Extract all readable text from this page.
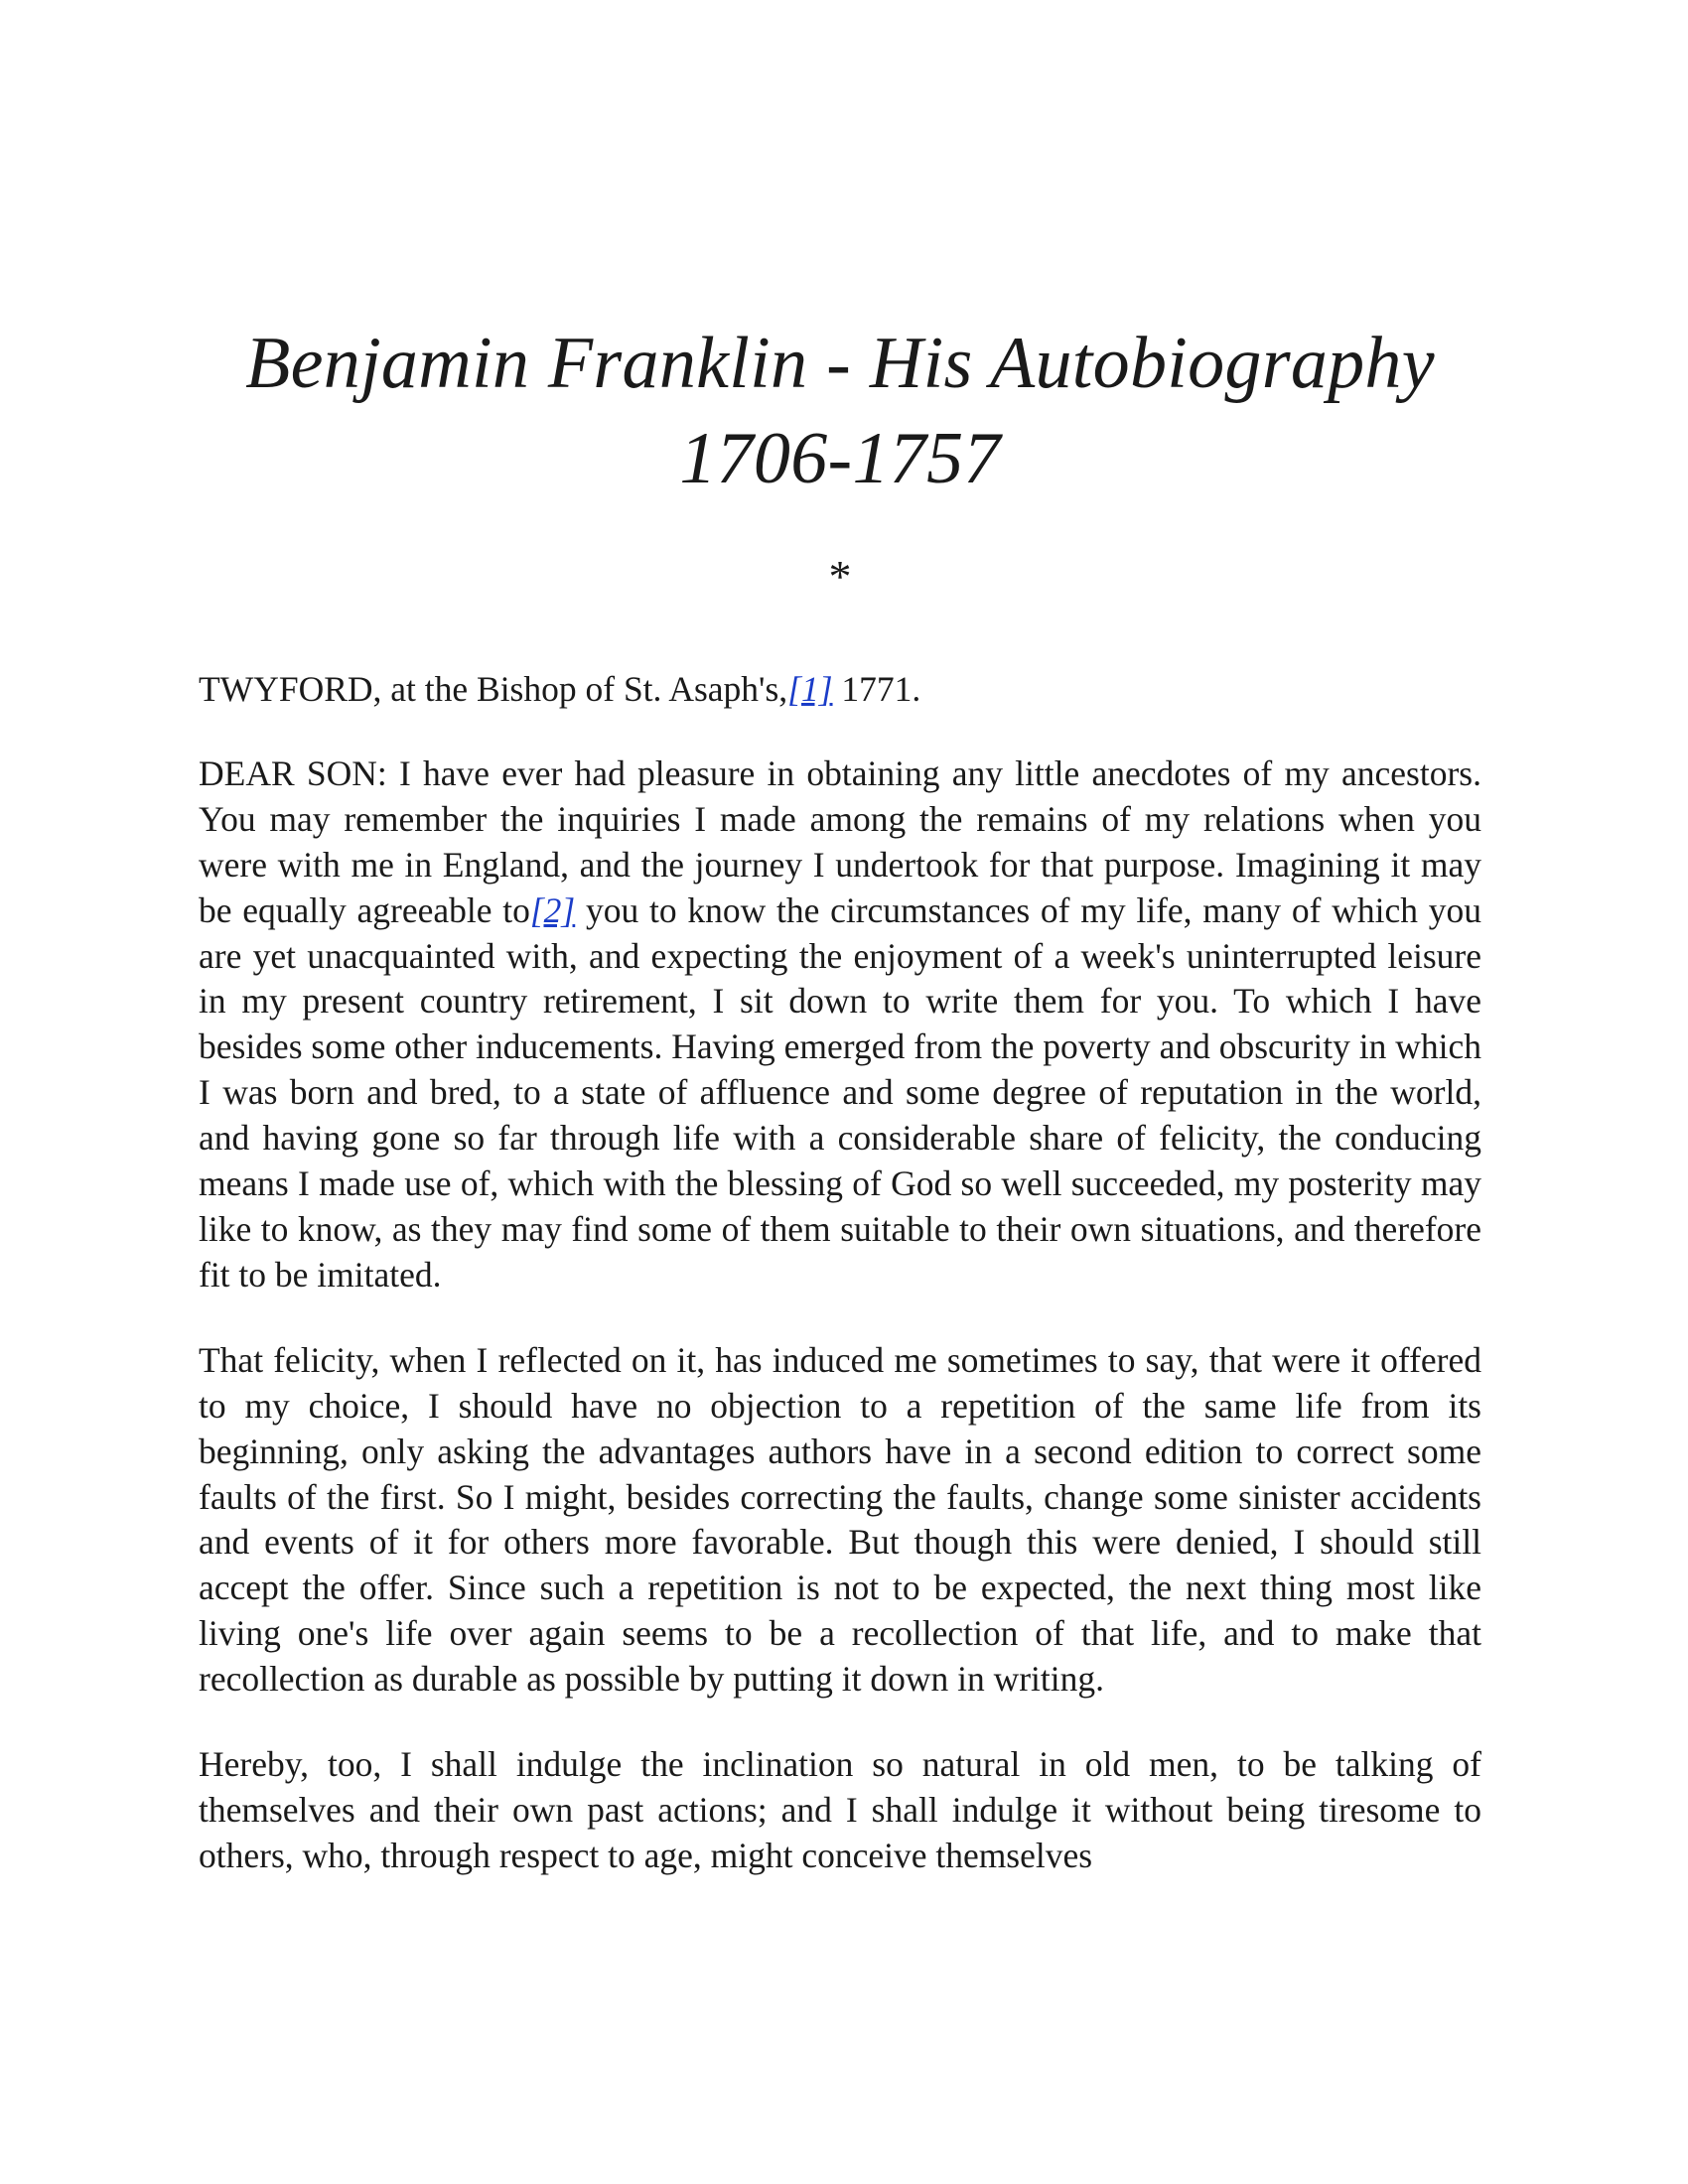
Benjamin Franklin - His Autobiography
1706-1757
*

TWYFORD, at the Bishop of St. Asaph's,[1] 1771.

DEAR SON: I have ever had pleasure in obtaining any little anecdotes of my ancestors. You may remember the inquiries I made among the remains of my relations when you were with me in England, and the journey I undertook for that purpose. Imagining it may be equally agreeable to[2] you to know the circumstances of my life, many of which you are yet unacquainted with, and expecting the enjoyment of a week's uninterrupted leisure in my present country retirement, I sit down to write them for you. To which I have besides some other inducements. Having emerged from the poverty and obscurity in which I was born and bred, to a state of affluence and some degree of reputation in the world, and having gone so far through life with a considerable share of felicity, the conducing means I made use of, which with the blessing of God so well succeeded, my posterity may like to know, as they may find some of them suitable to their own situations, and therefore fit to be imitated.

That felicity, when I reflected on it, has induced me sometimes to say, that were it offered to my choice, I should have no objection to a repetition of the same life from its beginning, only asking the advantages authors have in a second edition to correct some faults of the first. So I might, besides correcting the faults, change some sinister accidents and events of it for others more favorable. But though this were denied, I should still accept the offer. Since such a repetition is not to be expected, the next thing most like living one's life over again seems to be a recollection of that life, and to make that recollection as durable as possible by putting it down in writing.

Hereby, too, I shall indulge the inclination so natural in old men, to be talking of themselves and their own past actions; and I shall indulge it without being tiresome to others, who, through respect to age, might conceive themselves
